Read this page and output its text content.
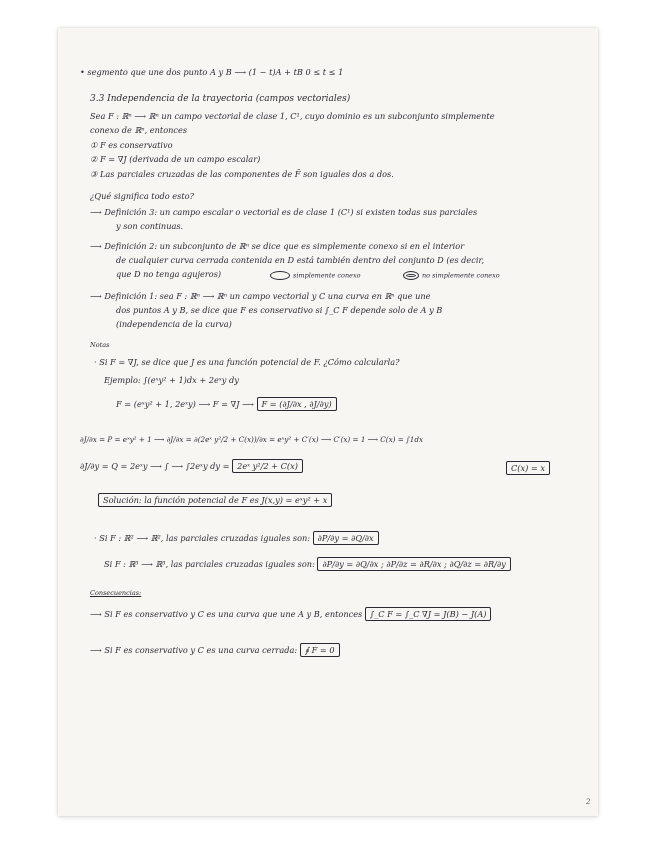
• segmento que une dos punto A y B ⟶ (1 − t)A + tB 0 ≤ t ≤ 1
3.3 Independencia de la trayectoria (campos vectoriales)
Sea F : ℝⁿ ⟶ ℝⁿ un campo vectorial de clase 1, C¹, cuyo dominio es un subconjunto simplemente
conexo de ℝⁿ, entonces
① F es conservativo
② F = ∇J (derivada de un campo escalar)
③ Las parciales cruzadas de las componentes de F̄ son iguales dos a dos.
¿Qué significa todo esto?
⟶ Definición 3: un campo escalar o vectorial es de clase 1 (C¹) si existen todas sus parciales
y son continuas.
⟶ Definición 2: un subconjunto de ℝⁿ se dice que es simplemente conexo si en el interior
de cualquier curva cerrada contenida en D está también dentro del conjunto D (es decir,
que D no tenga agujeros)	simplemente conexo	no simplemente conexo
⟶ Definición 1: sea F : ℝⁿ ⟶ ℝⁿ un campo vectorial y C una curva en ℝⁿ que une
dos puntos A y B, se dice que F es conservativo si ∫_C F depende solo de A y B
(independencia de la curva)
Notas
· Si F = ∇J, se dice que J es una función potencial de F. ¿Cómo calcularla?
Ejemplo: ∫(eˣy² + 1)dx + 2eˣy dy
F = (eˣy² + 1, 2eˣy) ⟶ F = ∇J ⟶ F = (∂J/∂x , ∂J/∂y)
∂J/∂x = P = eˣy² + 1 ⟶ ∂J/∂x = ∂(2eˣ y²/2 + C(x))/∂x = eˣy² + C′(x) ⟶ C′(x) = 1 ⟶ C(x) = ∫1dx
∂J/∂y = Q = 2eˣy ⟶ ∫ ⟶ ∫2eˣy dy = 2eˣ y²/2 + C(x)	C(x) = x
Solución: la función potencial de F es J(x,y) = eˣy² + x
· Si F : ℝ² ⟶ ℝ², las parciales cruzadas iguales son: ∂P/∂y = ∂Q/∂x
Si F : ℝ³ ⟶ ℝ³, las parciales cruzadas iguales son: ∂P/∂y = ∂Q/∂x ; ∂P/∂z = ∂R/∂x ; ∂Q/∂z = ∂R/∂y
Consecuencias:
⟶ Si F es conservativo y C es una curva que une A y B, entonces ∫_C F = ∫_C ∇J = J(B) − J(A)
⟶ Si F es conservativo y C es una curva cerrada: ∮ F = 0
2
